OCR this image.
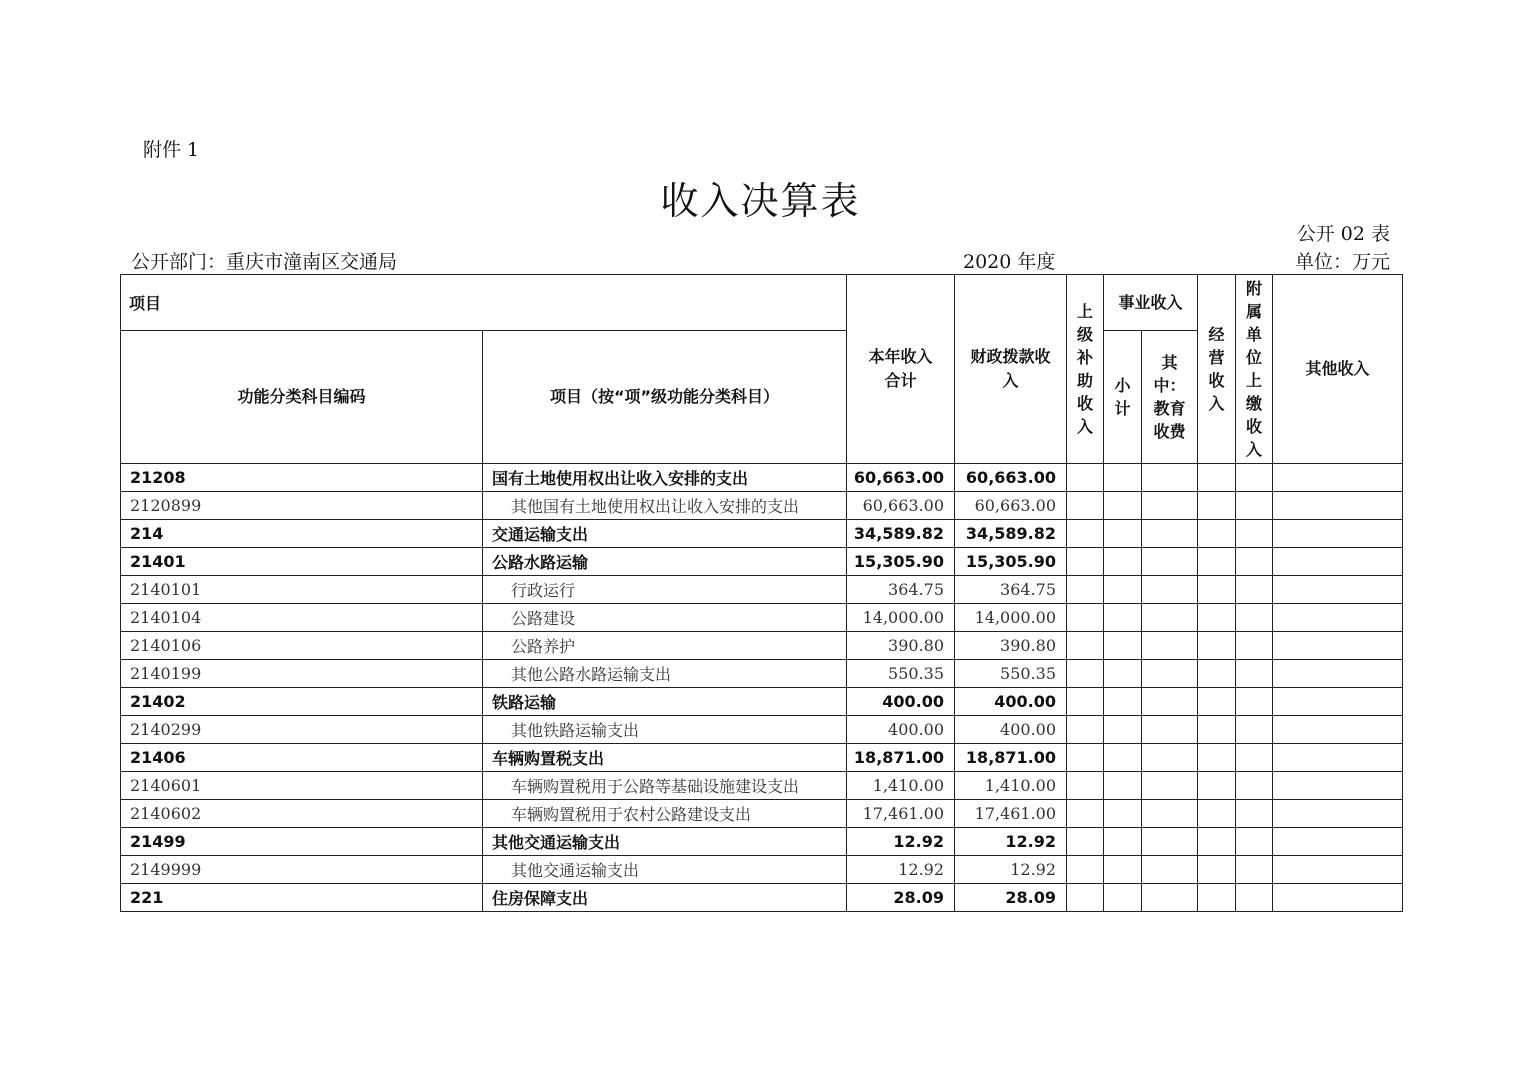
附件 1
收入决算表
公开 02 表
公开部门：重庆市潼南区交通局	2020 年度	单位：万元
项目		本年收入合计	财政拨款收入	上级补助收入	事业收入		经营收入	附属单位上缴收入	其他收入
功能分类科目编码	项目（按“项”级功能分类科目）								

					小计	其中：教育收费			

21208	国有土地使用权出让收入安排的支出	60,663.00	60,663.00						
2120899	其他国有土地使用权出让收入安排的支出	60,663.00	60,663.00						
214	交通运输支出	34,589.82	34,589.82						
21401	公路水路运输	15,305.90	15,305.90						
2140101	行政运行	364.75	364.75						
2140104	公路建设	14,000.00	14,000.00						
2140106	公路养护	390.80	390.80						
2140199	其他公路水路运输支出	550.35	550.35						
21402	铁路运输	400.00	400.00						
2140299	其他铁路运输支出	400.00	400.00						
21406	车辆购置税支出	18,871.00	18,871.00						
2140601	车辆购置税用于公路等基础设施建设支出	1,410.00	1,410.00						
2140602	车辆购置税用于农村公路建设支出	17,461.00	17,461.00						
21499	其他交通运输支出	12.92	12.92						
2149999	其他交通运输支出	12.92	12.92						
221	住房保障支出	28.09	28.09						
